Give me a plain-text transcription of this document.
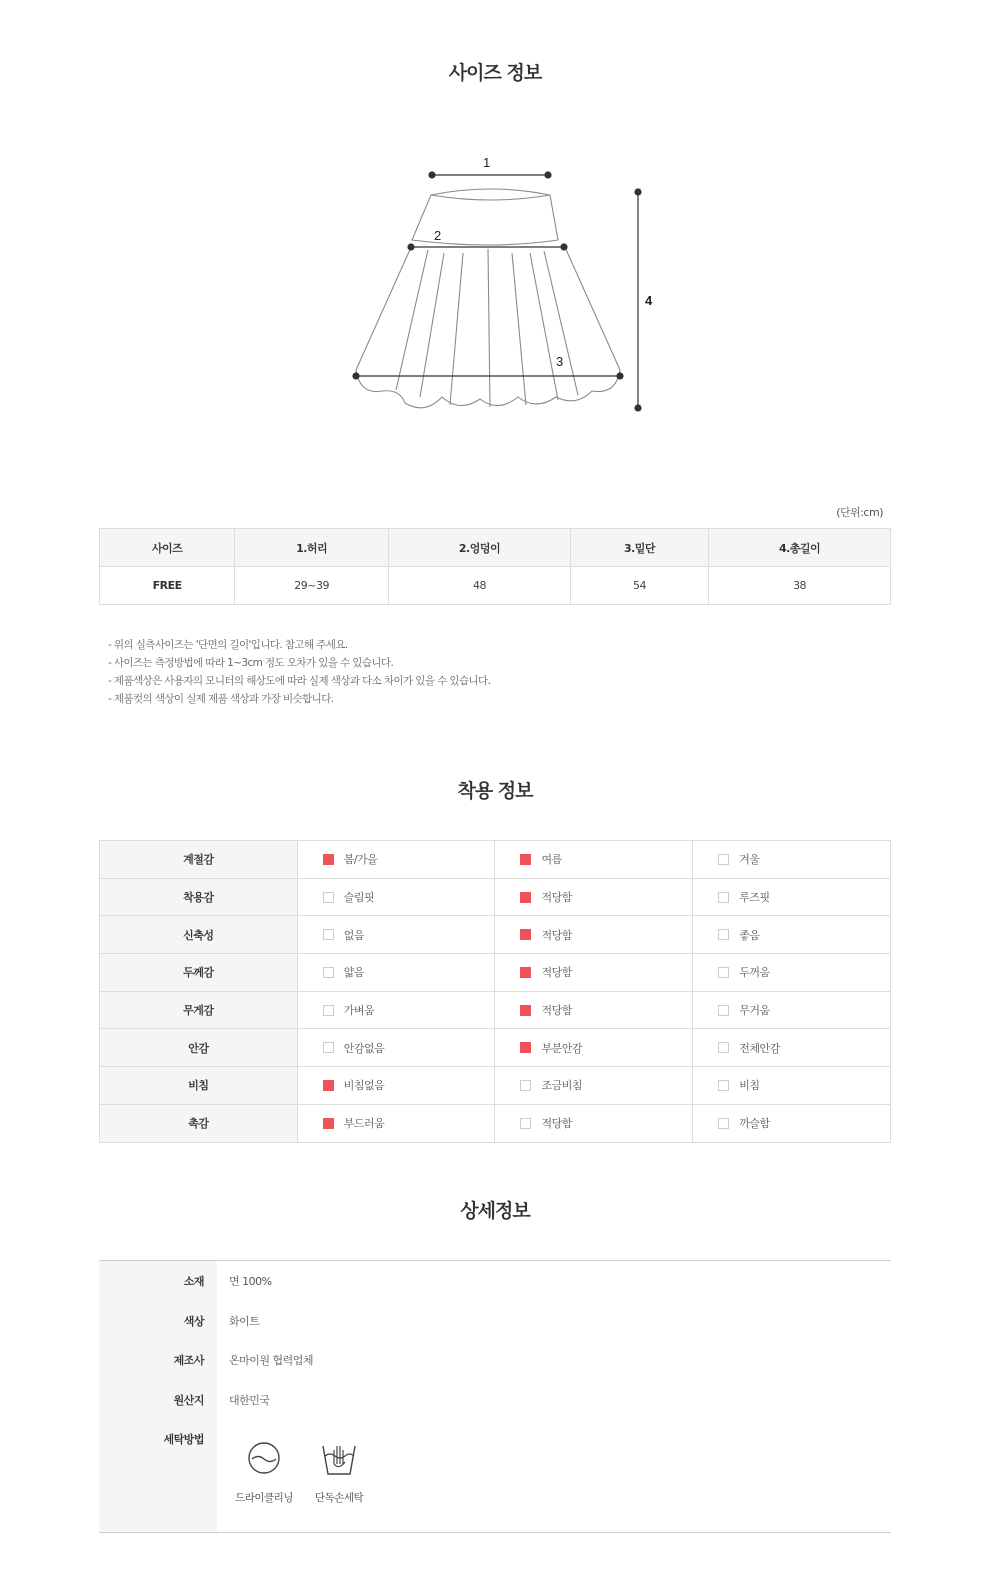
사이즈 정보
1
2
3
4
(단위:cm)
사이즈	1.허리	2.엉덩이	3.밑단	4.총길이
FREE	29~39	48	54	38
- 위의 실측사이즈는 '단면의 길이'입니다. 참고해 주세요.
- 사이즈는 측정방법에 따라 1~3cm 정도 오차가 있을 수 있습니다.
- 제품색상은 사용자의 모니터의 해상도에 따라 실제 색상과 다소 차이가 있을 수 있습니다.
- 제품컷의 색상이 실제 제품 색상과 가장 비슷합니다.
착용 정보
계절감	봄/가을	여름	겨울
착용감	슬림핏	적당함	루즈핏
신축성	없음	적당함	좋음
두께감	얇음	적당함	두꺼움
무게감	가벼움	적당함	무거움
안감	안감없음	부분안감	전체안감
비침	비침없음	조금비침	비침
촉감	부드러움	적당함	까슬함
상세정보
소재 면 100%
색상 화이트
제조사 온마이원 협력업체
원산지 대한민국
세탁방법
드라이클리닝	단독손세탁
